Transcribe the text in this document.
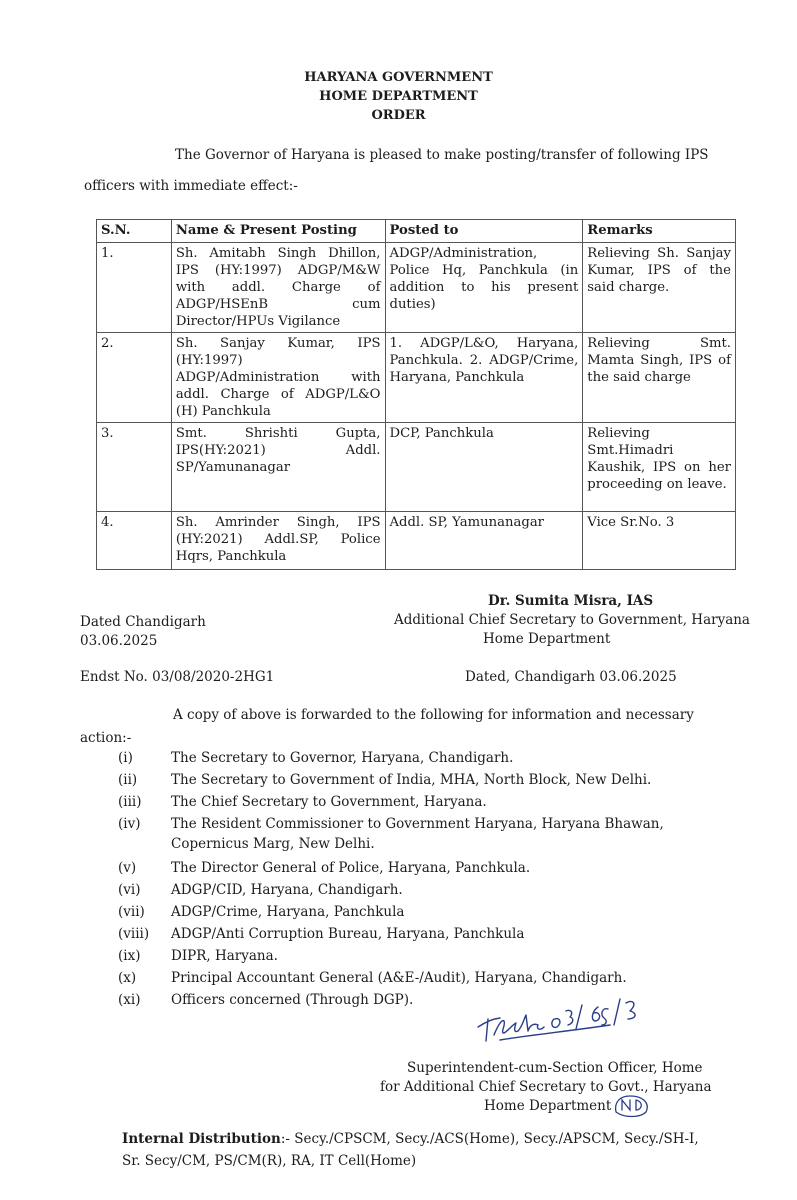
HARYANA GOVERNMENT
HOME DEPARTMENT
ORDER
The Governor of Haryana is pleased to make posting/transfer of following IPS
officers with immediate effect:-
S.N.	Name & Present Posting	Posted to	Remarks
1.	Sh. Amitabh Singh Dhillon, IPS (HY:1997) ADGP/M&W with addl. Charge of ADGP/HSEnB cum Director/HPUs Vigilance	ADGP/Administration, Police Hq, Panchkula (in addition to his present duties)	Relieving Sh. Sanjay Kumar, IPS of the said charge.
2.	Sh. Sanjay Kumar, IPS (HY:1997) ADGP/Administration with addl. Charge of ADGP/L&O (H) Panchkula	1. ADGP/L&O, Haryana, Panchkula. 2. ADGP/Crime, Haryana, Panchkula	Relieving Smt. Mamta Singh, IPS of the said charge
3.	Smt. Shrishti Gupta, IPS(HY:2021) Addl. SP/Yamunanagar	DCP, Panchkula	Relieving Smt.Himadri Kaushik, IPS on her proceeding on leave.
4.	Sh. Amrinder Singh, IPS (HY:2021) Addl.SP, Police Hqrs, Panchkula	Addl. SP, Yamunanagar	Vice Sr.No. 3
Dr. Sumita Misra, IAS
Additional Chief Secretary to Government, Haryana
Home Department
Dated Chandigarh
03.06.2025
Endst No. 03/08/2020-2HG1	Dated, Chandigarh 03.06.2025
A copy of above is forwarded to the following for information and necessary
action:-
(i)	The Secretary to Governor, Haryana, Chandigarh.
(ii)	The Secretary to Government of India, MHA, North Block, New Delhi.
(iii) The Chief Secretary to Government, Haryana.
(iv) The Resident Commissioner to Government Haryana, Haryana Bhawan,
Copernicus Marg, New Delhi.
(v)	The Director General of Police, Haryana, Panchkula.
(vi) ADGP/CID, Haryana, Chandigarh.
(vii) ADGP/Crime, Haryana, Panchkula
(viii) ADGP/Anti Corruption Bureau, Haryana, Panchkula
(ix) DIPR, Haryana.
(x)	Principal Accountant General (A&E-/Audit), Haryana, Chandigarh.
(xi) Officers concerned (Through DGP).
Superintendent-cum-Section Officer, Home
for Additional Chief Secretary to Govt., Haryana
Home Department
Internal Distribution:- Secy./CPSCM, Secy./ACS(Home), Secy./APSCM, Secy./SH-I,
Sr. Secy/CM, PS/CM(R), RA, IT Cell(Home)
